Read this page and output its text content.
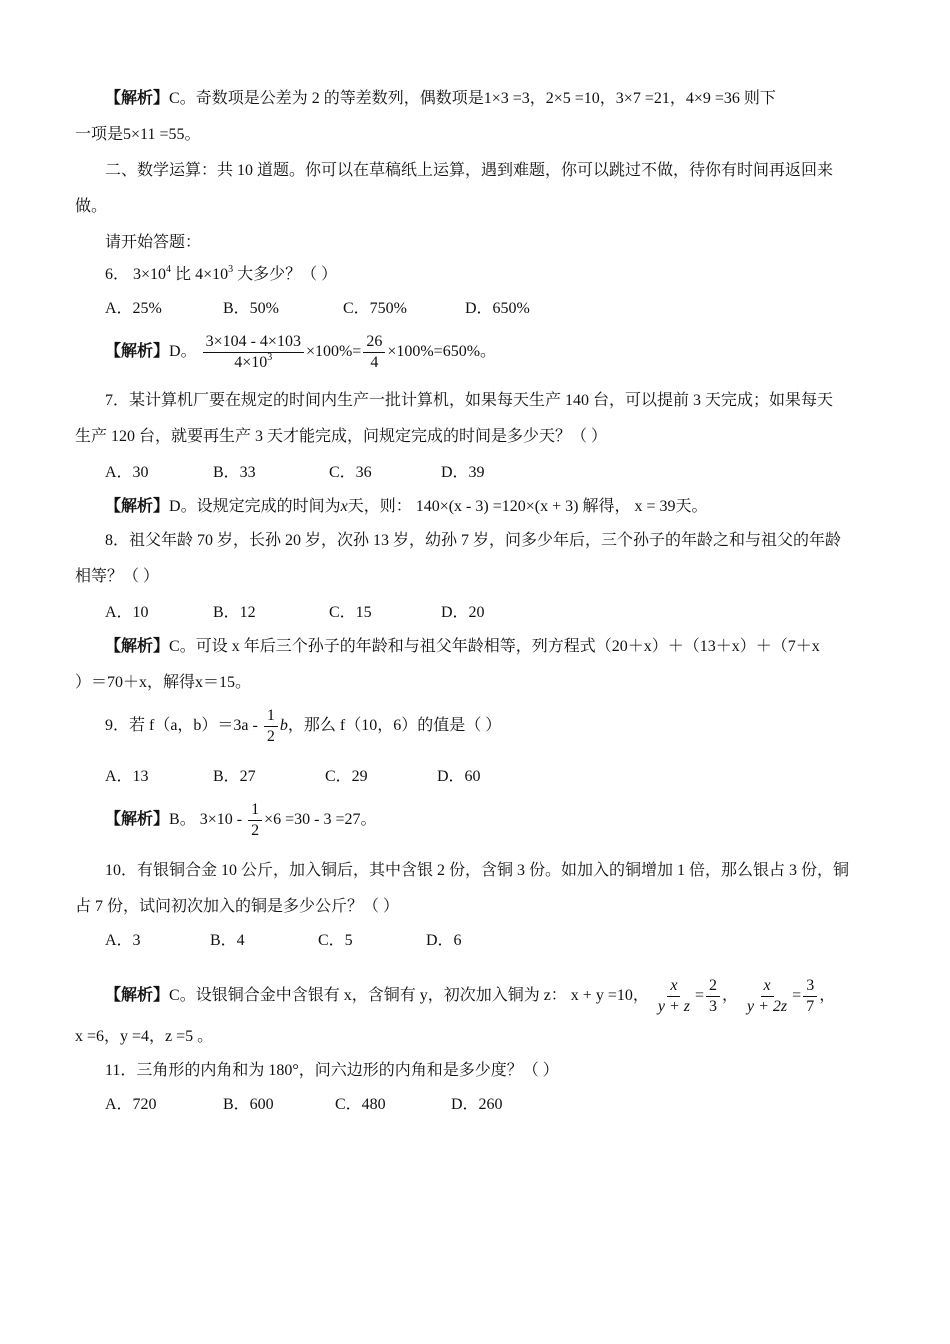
【解析】C。奇数项是公差为 2 的等差数列，偶数项是1×3 =3，2×5 =10，3×7 =21，4×9 =36 则下
一项是5×11 =55。
二、数学运算：共 10 道题。你可以在草稿纸上运算，遇到难题，你可以跳过不做，待你有时间再返回来
做。
请开始答题：
6． $3\times 10^4$ 比 $4\times 10^3$ 大多少？（ ）
A．25%	B．50%	C．750%	D．650%
【解析】D。 $\frac{3\times 104 - 4\times 103}{4\times 10^3} \times 100\%= \frac{26}{4} \times 100\%=650\%$。
7．某计算机厂要在规定的时间内生产一批计算机，如果每天生产 140 台，可以提前 3 天完成；如果每天
生产 120 台，就要再生产 3 天才能完成，问规定完成的时间是多少天？（ ）
A．30	B．33	C．36	D．39
【解析】D。设规定完成的时间为x天，则： 140×(x - 3) =120×(x + 3) 解得， x = 39天。
8．祖父年龄 70 岁，长孙 20 岁，次孙 13 岁，幼孙 7 岁，问多少年后，三个孙子的年龄之和与祖父的年龄
相等？（ ）
A．10	B．12	C．15	D．20
【解析】C。可设 x 年后三个孙子的年龄和与祖父年龄相等，列方程式（20＋x）＋（13＋x）＋（7＋x
）＝70＋x，解得x＝15。
9．若 f（a，$b)=3a - \frac{1}{2}$ b，那么 f（10，6）的值是（ ）
A．13	B．27	C．29	D．60
【解析】B。 $3\times 10 - \frac{1}{2} \times 6 =30 - 3 =27$。
10．有银铜合金 10 公斤，加入铜后，其中含银 2 份，含铜 3 份。如加入的铜增加 1 倍，那么银占 3 份，铜
占 7 份，试问初次加入的铜是多少公斤？（ ）
A．3	B．4	C．5	D．6
【解析】C。设银铜合金中含银有 x，含铜有 y，初次加入铜为 z： x + y =10， $\frac{x}{y + z} = \frac{2}{3}$ ， $\frac{x}{y + 2z} = \frac{3}{7}$ ，
x =6，y =4，z =5 。
11．三角形的内角和为 180°，问六边形的内角和是多少度？（ ）
A．720	B．600	C．480	D．260
